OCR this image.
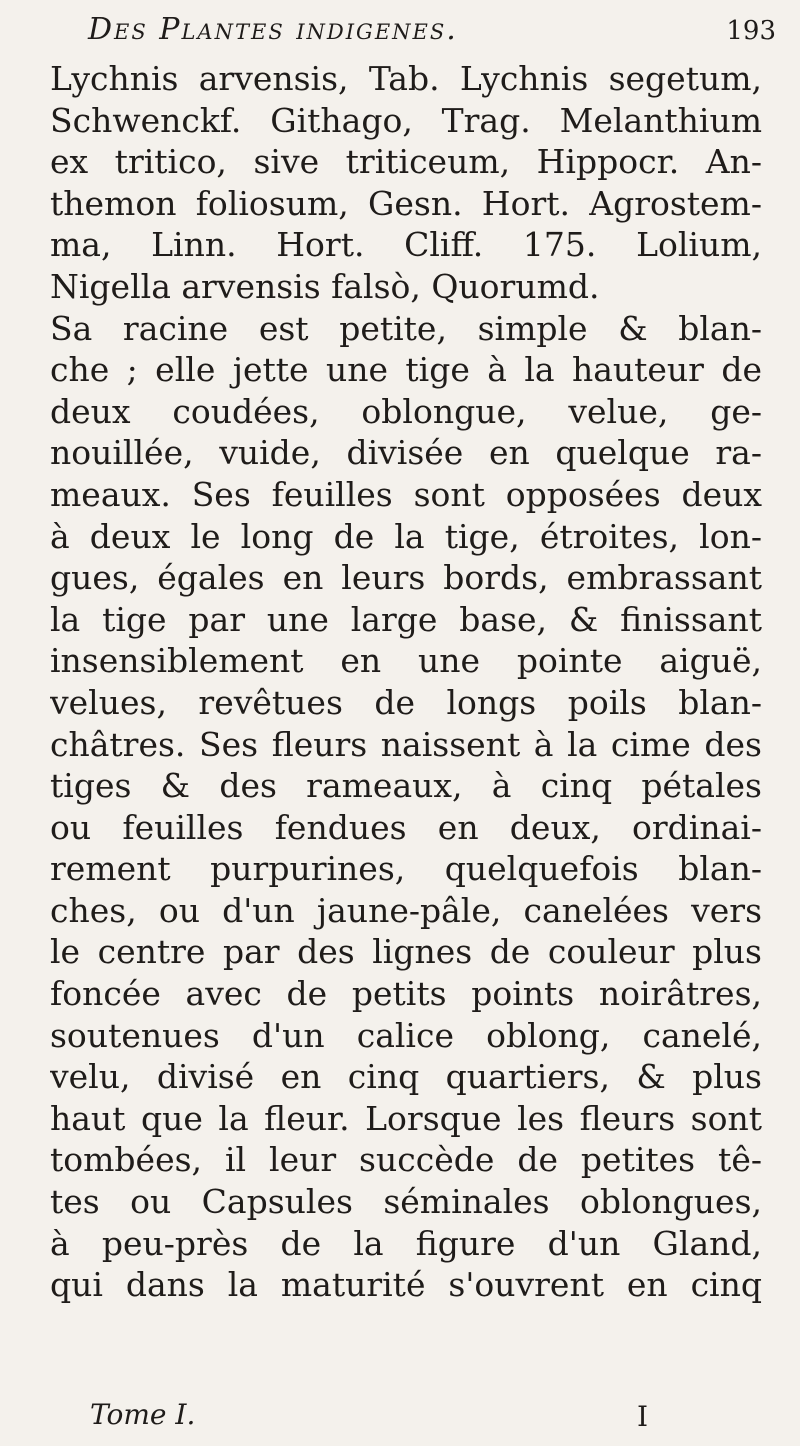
Des Plantes indigenes.	193
Lychnis arvensis, Tab. Lychnis segetum,
Schwenckf. Githago, Trag. Melanthium
ex tritico, sive triticeum, Hippocr. An-
themon foliosum, Gesn. Hort. Agrostem-
ma, Linn. Hort. Cliff. 175. Lolium,
Nigella arvensis falsò, Quorumd.
Sa racine est petite, simple & blan-
che ; elle jette une tige à la hauteur de
deux coudées, oblongue, velue, ge-
nouillée, vuide, divisée en quelque ra-
meaux. Ses feuilles sont opposées deux
à deux le long de la tige, étroites, lon-
gues, égales en leurs bords, embrassant
la tige par une large base, & finissant
insensiblement en une pointe aiguë,
velues, revêtues de longs poils blan-
châtres. Ses fleurs naissent à la cime des
tiges & des rameaux, à cinq pétales
ou feuilles fendues en deux, ordinai-
rement purpurines, quelquefois blan-
ches, ou d'un jaune-pâle, canelées vers
le centre par des lignes de couleur plus
foncée avec de petits points noirâtres,
soutenues d'un calice oblong, canelé,
velu, divisé en cinq quartiers, & plus
haut que la fleur. Lorsque les fleurs sont
tombées, il leur succède de petites tê-
tes ou Capsules séminales oblongues,
à peu-près de la figure d'un Gland,
qui dans la maturité s'ouvrent en cinq
Tome I.	I
